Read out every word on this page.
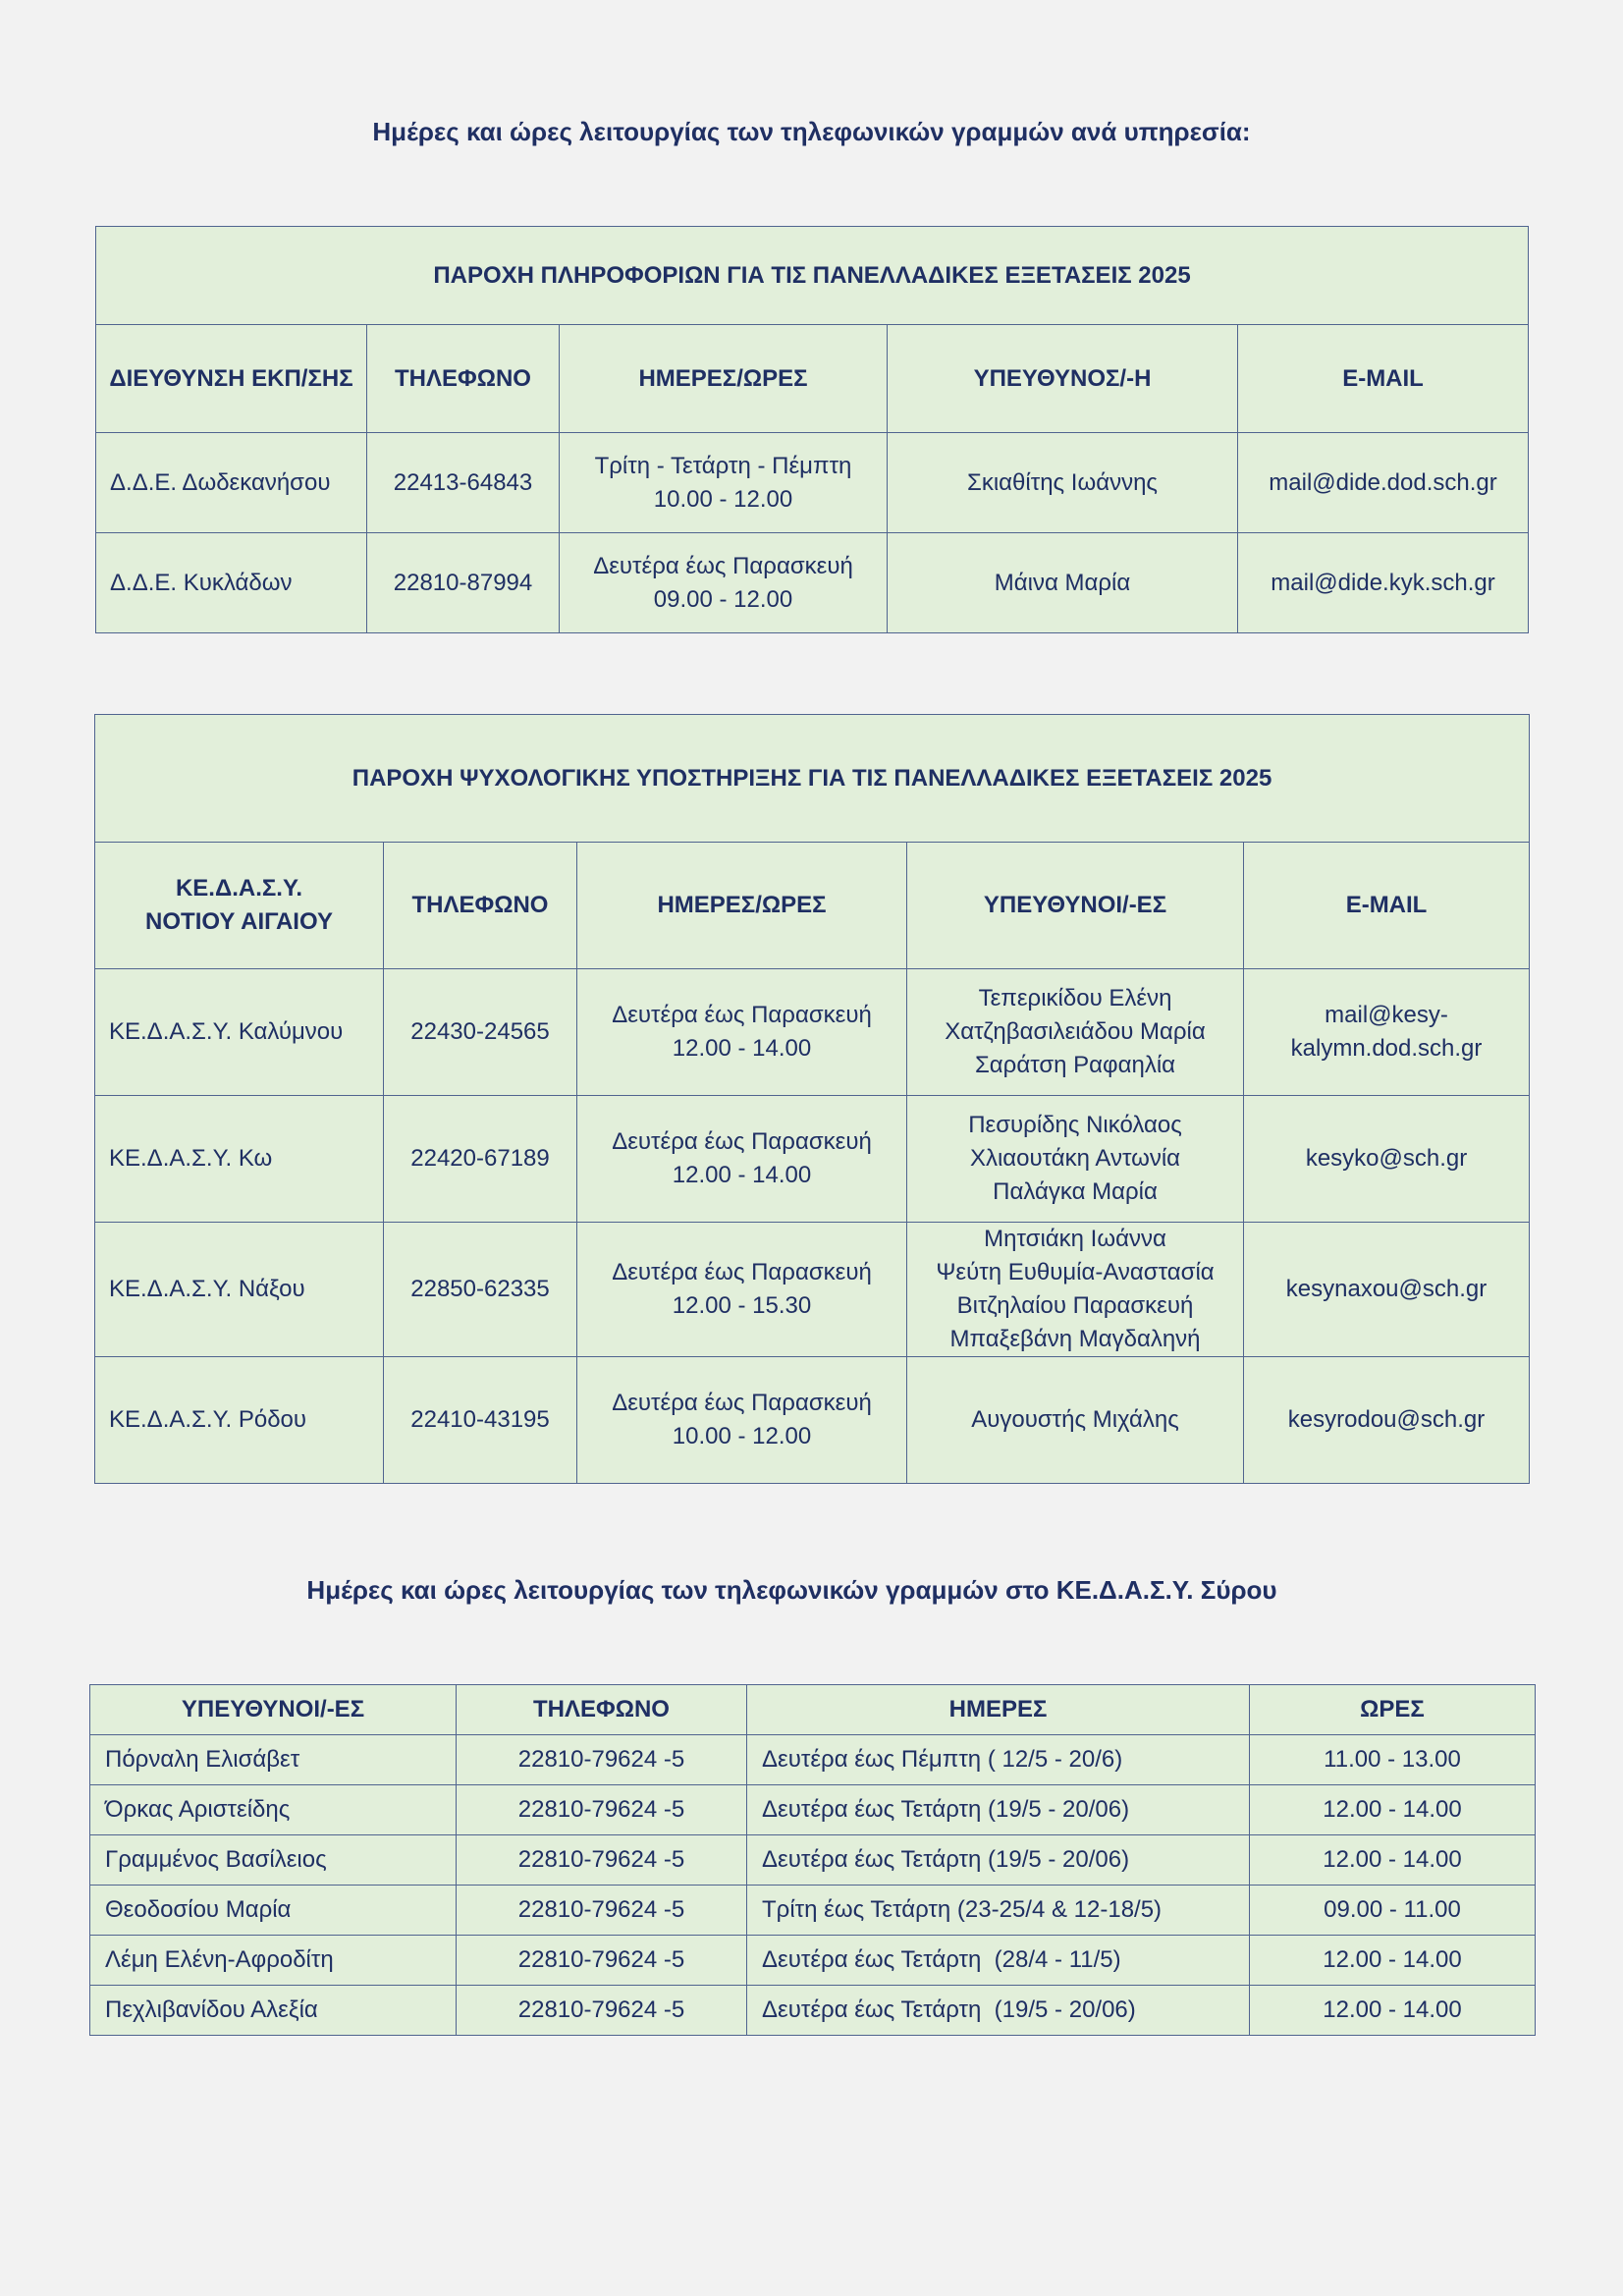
Ημέρες και ώρες λειτουργίας των τηλεφωνικών γραμμών ανά υπηρεσία:
ΠΑΡΟΧΗ ΠΛΗΡΟΦΟΡΙΩΝ ΓΙΑ ΤΙΣ ΠΑΝΕΛΛΑΔΙΚΕΣ ΕΞΕΤΑΣΕΙΣ 2025				
ΔΙΕΥΘΥΝΣΗ ΕΚΠ/ΣΗΣ	ΤΗΛΕΦΩΝΟ	ΗΜΕΡΕΣ/ΩΡΕΣ	ΥΠΕΥΘΥΝΟΣ/-Η	E-MAIL
Δ.Δ.Ε. Δωδεκανήσου	22413-64843	Τρίτη - Τετάρτη - Πέμπτη
10.00 - 12.00	Σκιαθίτης Ιωάννης	mail@dide.dod.sch.gr
Δ.Δ.Ε. Κυκλάδων	22810-87994	Δευτέρα έως Παρασκευή
09.00 - 12.00	Μάινα Μαρία	mail@dide.kyk.sch.gr
ΠΑΡΟΧΗ ΨΥΧΟΛΟΓΙΚΗΣ ΥΠΟΣΤΗΡΙΞΗΣ ΓΙΑ ΤΙΣ ΠΑΝΕΛΛΑΔΙΚΕΣ ΕΞΕΤΑΣΕΙΣ 2025				

ΚΕ.Δ.Α.Σ.Υ.
ΝΟΤΙΟΥ ΑΙΓΑΙΟΥ	ΤΗΛΕΦΩΝΟ	ΗΜΕΡΕΣ/ΩΡΕΣ	ΥΠΕΥΘΥΝΟΙ/-ΕΣ	E-MAIL
ΚΕ.Δ.Α.Σ.Υ. Καλύμνου	22430-24565	Δευτέρα έως Παρασκευή
12.00 - 14.00	Τεπερικίδου Ελένη
Χατζηβασιλειάδου Μαρία
Σαράτση Ραφαηλία	mail@kesy-
kalymn.dod.sch.gr

ΚΕ.Δ.Α.Σ.Υ. Κω	22420-67189	Δευτέρα έως Παρασκευή
12.00 - 14.00	Πεσυρίδης Νικόλαος
Χλιαουτάκη Αντωνία
Παλάγκα Μαρία	kesyko@sch.gr
ΚΕ.Δ.Α.Σ.Υ. Νάξου	22850-62335	Δευτέρα έως Παρασκευή
12.00 - 15.30	Μητσιάκη Ιωάννα
Ψεύτη Ευθυμία-Αναστασία
Βιτζηλαίου Παρασκευή
Μπαξεβάνη Μαγδαληνή	kesynaxou@sch.gr
ΚΕ.Δ.Α.Σ.Υ. Ρόδου	22410-43195	Δευτέρα έως Παρασκευή
10.00 - 12.00	Αυγουστής Μιχάλης	kesyrodou@sch.gr
Ημέρες και ώρες λειτουργίας των τηλεφωνικών γραμμών στο ΚΕ.Δ.Α.Σ.Υ. Σύρου
ΥΠΕΥΘΥΝΟΙ/-ΕΣ	ΤΗΛΕΦΩΝΟ	ΗΜΕΡΕΣ	ΩΡΕΣ
Πόρναλη Ελισάβετ	22810-79624 -5	Δευτέρα έως Πέμπτη ( 12/5 - 20/6)	11.00 - 13.00
Όρκας Αριστείδης	22810-79624 -5	Δευτέρα έως Τετάρτη (19/5 - 20/06)	12.00 - 14.00
Γραμμένος Βασίλειος	22810-79624 -5	Δευτέρα έως Τετάρτη (19/5 - 20/06)	12.00 - 14.00
Θεοδοσίου Μαρία	22810-79624 -5	Τρίτη έως Τετάρτη (23-25/4 & 12-18/5)	09.00 - 11.00
Λέμη Ελένη-Αφροδίτη	22810-79624 -5	Δευτέρα έως Τετάρτη  (28/4 - 11/5)	12.00 - 14.00
Πεχλιβανίδου Αλεξία	22810-79624 -5	Δευτέρα έως Τετάρτη  (19/5 - 20/06)	12.00 - 14.00
